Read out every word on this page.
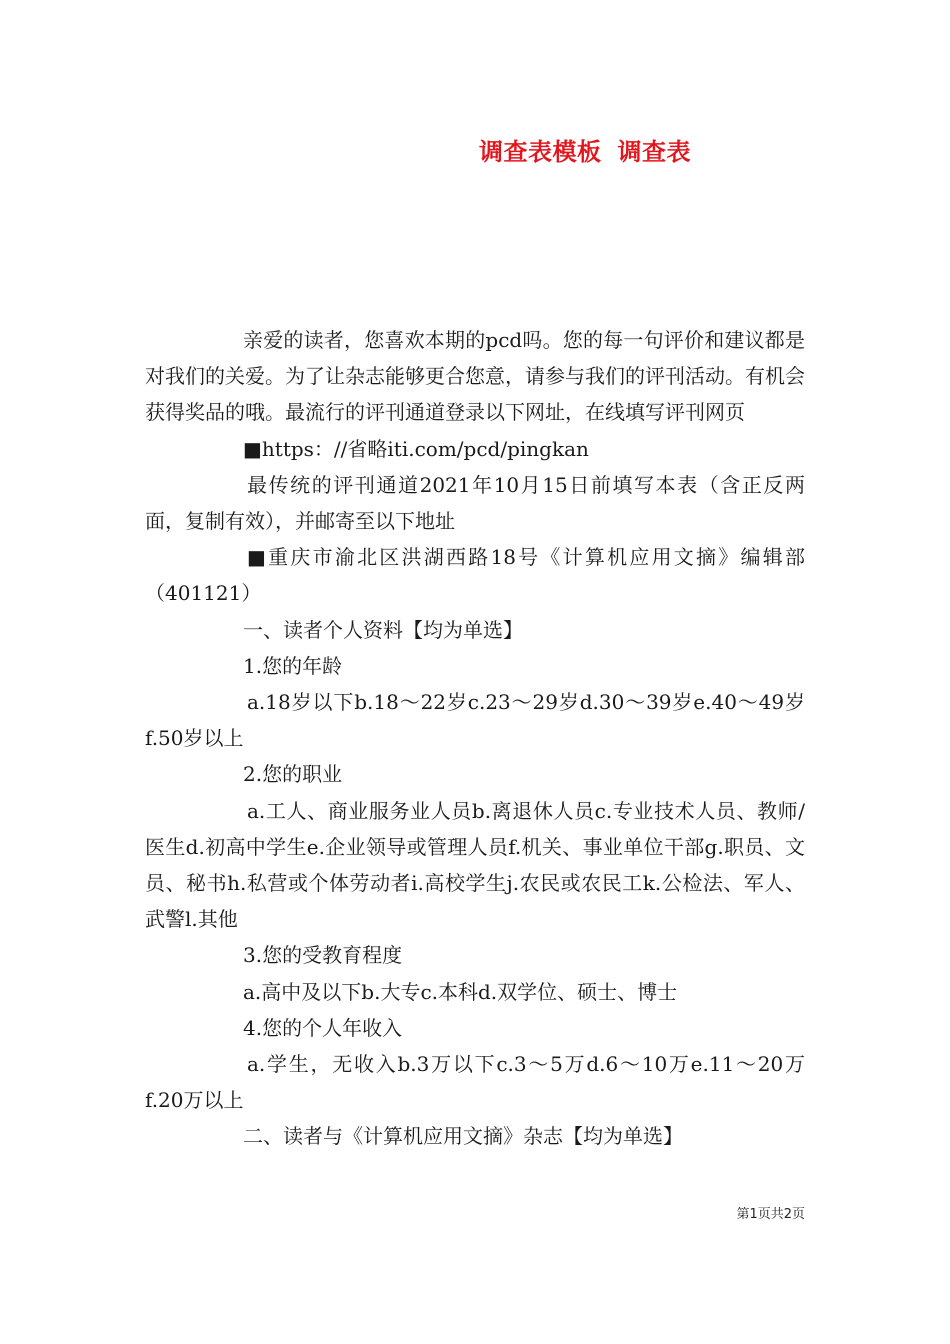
调查表模板 调查表

亲爱的读者，您喜欢本期的pcd吗。您的每一句评价和建议都是对我们的关爱。为了让杂志能够更合您意，请参与我们的评刊活动。有机会获得奖品的哦。最流行的评刊通道登录以下网址，在线填写评刊网页

■https：//省略iti.com/pcd/pingkan

最传统的评刊通道2021年10月15日前填写本表（含正反两面，复制有效），并邮寄至以下地址

■重庆市渝北区洪湖西路18号《计算机应用文摘》编辑部（401121）

一、读者个人资料【均为单选】

1.您的年龄

a.18岁以下b.18～22岁c.23～29岁d.30～39岁e.40～49岁f.50岁以上

2.您的职业

a.工人、商业服务业人员b.离退休人员c.专业技术人员、教师/医生d.初高中学生e.企业领导或管理人员f.机关、事业单位干部g.职员、文员、秘书h.私营或个体劳动者i.高校学生j.农民或农民工k.公检法、军人、武警l.其他

3.您的受教育程度

a.高中及以下b.大专c.本科d.双学位、硕士、博士

4.您的个人年收入

a.学生，无收入b.3万以下c.3～5万d.6～10万e.11～20万f.20万以上

二、读者与《计算机应用文摘》杂志【均为单选】

第1页共2页
